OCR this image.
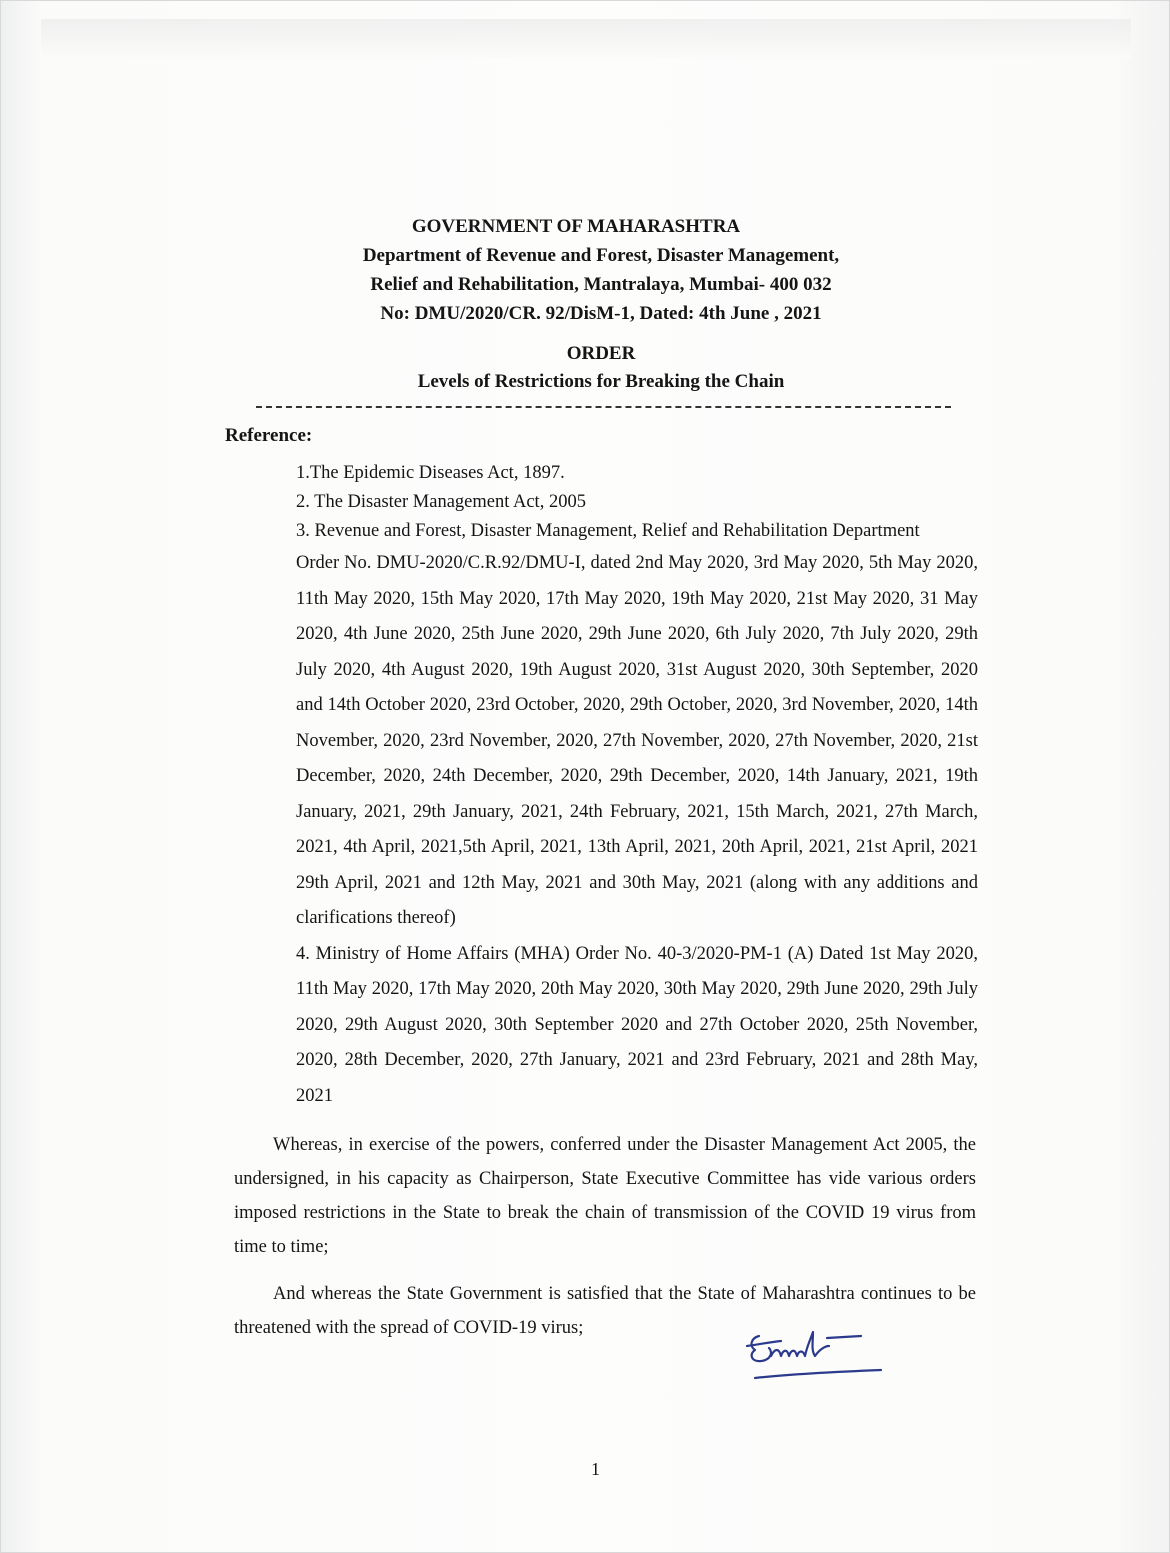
GOVERNMENT OF MAHARASHTRA
Department of Revenue and Forest, Disaster Management,
Relief and Rehabilitation, Mantralaya, Mumbai- 400 032
No: DMU/2020/CR. 92/DisM-1, Dated: 4th June , 2021
ORDER
Levels of Restrictions for Breaking the Chain
Reference:
1.The Epidemic Diseases Act, 1897.
2. The Disaster Management Act, 2005
3. Revenue and Forest, Disaster Management, Relief and Rehabilitation Department
Order No. DMU-2020/C.R.92/DMU-I, dated 2nd May 2020, 3rd May 2020, 5th May 2020, 11th May 2020, 15th May 2020, 17th May 2020, 19th May 2020, 21st May 2020, 31 May 2020, 4th June 2020, 25th June 2020, 29th June 2020, 6th July 2020, 7th July 2020, 29th July 2020, 4th August 2020, 19th August 2020, 31st August 2020, 30th September, 2020 and 14th October 2020, 23rd October, 2020, 29th October, 2020, 3rd November, 2020, 14th November, 2020, 23rd November, 2020, 27th November, 2020, 27th November, 2020, 21st December, 2020, 24th December, 2020, 29th December, 2020, 14th January, 2021, 19th January, 2021, 29th January, 2021, 24th February, 2021, 15th March, 2021, 27th March, 2021, 4th April, 2021,5th April, 2021, 13th April, 2021, 20th April, 2021, 21st April, 2021 29th April, 2021 and 12th May, 2021 and 30th May, 2021 (along with any additions and clarifications thereof)
4. Ministry of Home Affairs (MHA) Order No. 40-3/2020-PM-1 (A) Dated 1st May 2020, 11th May 2020, 17th May 2020, 20th May 2020, 30th May 2020, 29th June 2020, 29th July 2020, 29th August 2020, 30th September 2020 and 27th October 2020, 25th November, 2020, 28th December, 2020, 27th January, 2021 and 23rd February, 2021 and 28th May, 2021
Whereas, in exercise of the powers, conferred under the Disaster Management Act 2005, the undersigned, in his capacity as Chairperson, State Executive Committee has vide various orders imposed restrictions in the State to break the chain of transmission of the COVID 19 virus from time to time;
And whereas the State Government is satisfied that the State of Maharashtra continues to be threatened with the spread of COVID-19 virus;
1
